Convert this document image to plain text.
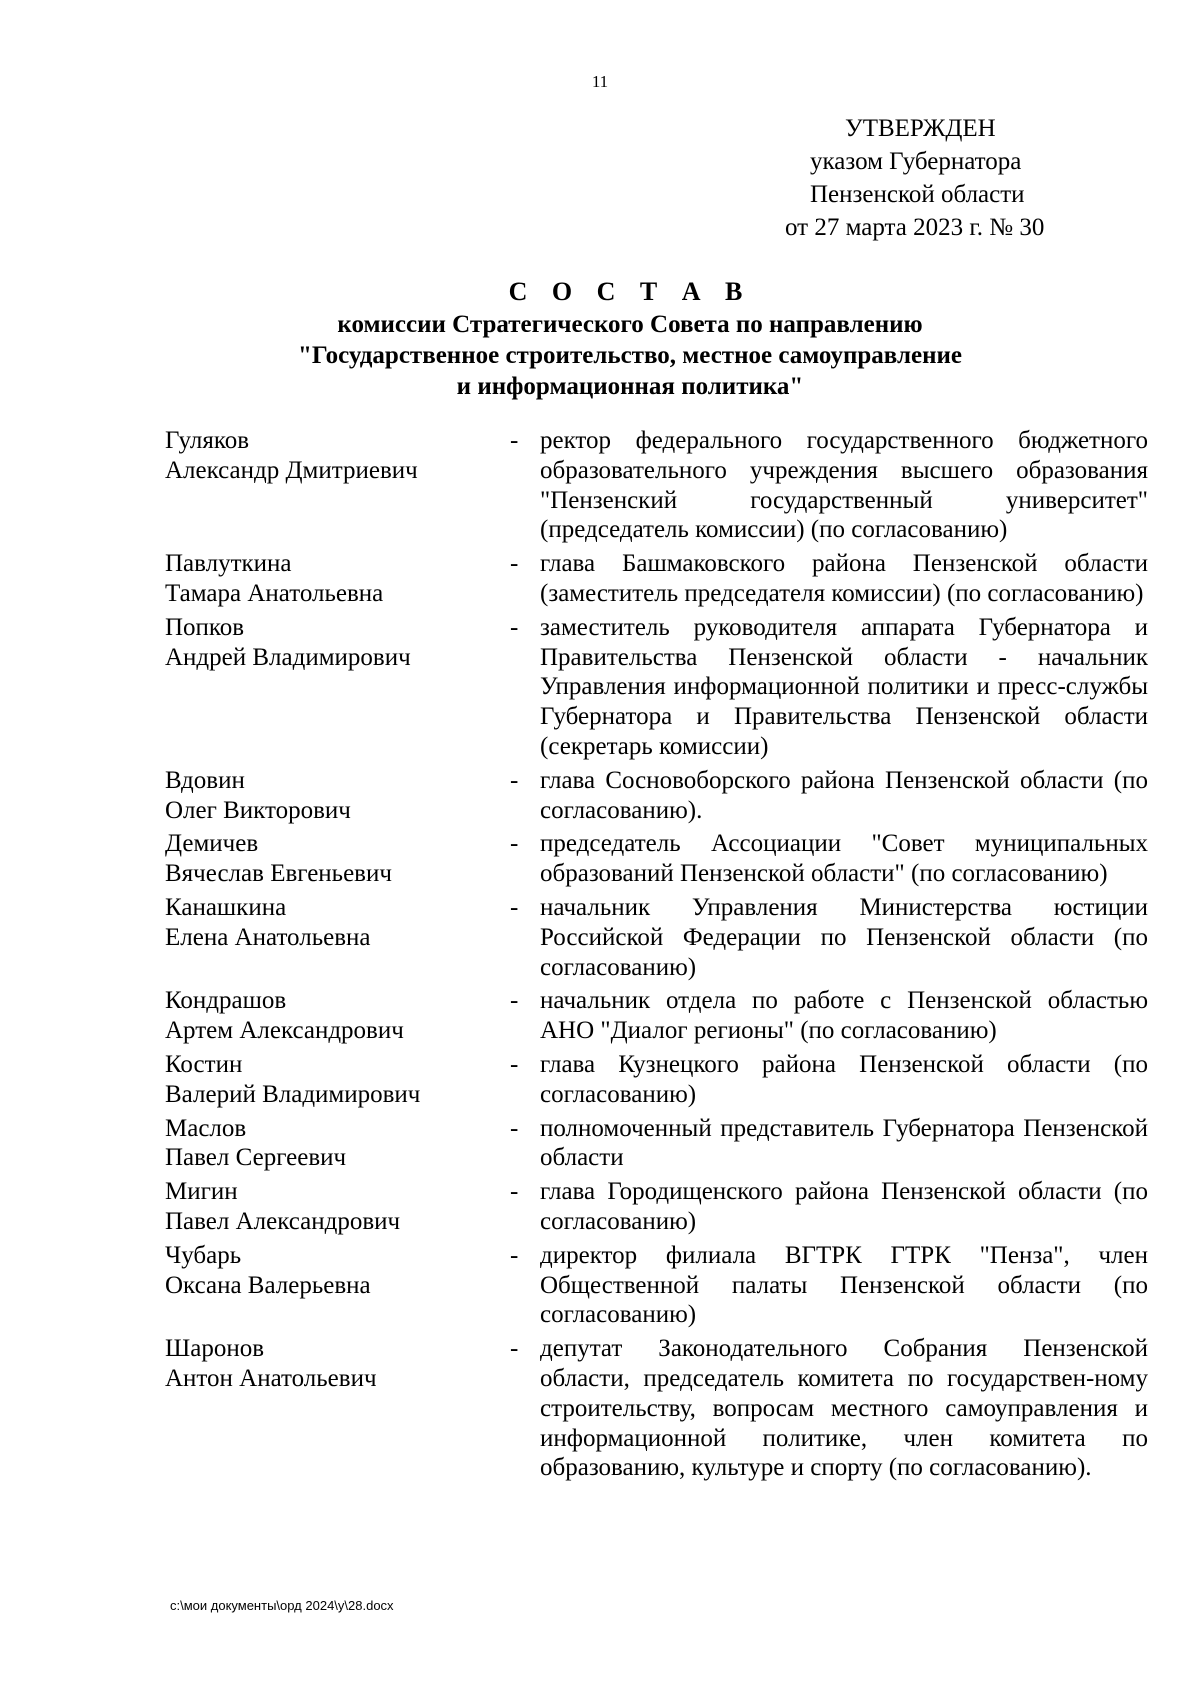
11
УТВЕРЖДЕН
указом Губернатора
Пензенской области
от 27 марта 2023 г. № 30
С О С Т А В
комиссии Стратегического Совета по направлению
"Государственное строительство, местное самоуправление
и информационная политика"
Гуляков
Александр Дмитриевич
- ректор федерального государственного бюджетного образовательного учреждения высшего образования "Пензенский государственный университет" (председатель комиссии) (по согласованию)
Павлуткина
Тамара Анатольевна
- глава Башмаковского района Пензенской области (заместитель председателя комиссии) (по согласованию)
Попков
Андрей Владимирович
- заместитель руководителя аппарата Губернатора и Правительства Пензенской области - начальник Управления информационной политики и пресс-службы Губернатора и Правительства Пензенской области (секретарь комиссии)
Вдовин
Олег Викторович
- глава Сосновоборского района Пензенской области (по согласованию).
Демичев
Вячеслав Евгеньевич
- председатель Ассоциации "Совет муниципальных образований Пензенской области" (по согласованию)
Канашкина
Елена Анатольевна
- начальник Управления Министерства юстиции Российской Федерации по Пензенской области (по согласованию)
Кондрашов
Артем Александрович
- начальник отдела по работе с Пензенской областью АНО "Диалог регионы" (по согласованию)
Костин
Валерий Владимирович
- глава Кузнецкого района Пензенской области (по согласованию)
Маслов
Павел Сергеевич
- полномоченный представитель Губернатора Пензенской области
Мигин
Павел Александрович
- глава Городищенского района Пензенской области (по согласованию)
Чубарь
Оксана Валерьевна
- директор филиала ВГТРК ГТРК "Пенза", член Общественной палаты Пензенской области (по согласованию)
Шаронов
Антон Анатольевич
- депутат Законодательного Собрания Пензенской области, председатель комитета по государствен-ному строительству, вопросам местного самоуправления и информационной политике, член комитета по образованию, культуре и спорту (по согласованию).
c:\мои документы\орд 2024\у\28.docx
